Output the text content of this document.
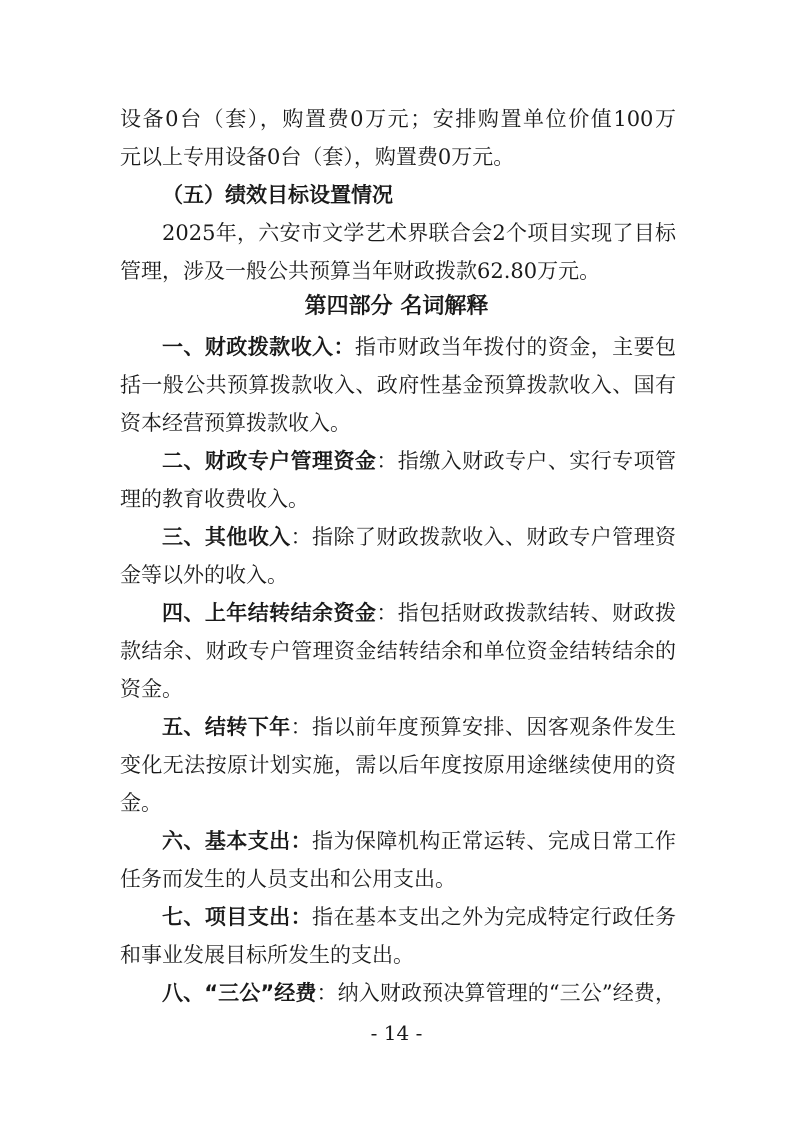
设备0台（套），购置费0万元；安排购置单位价值100万
元以上专用设备0台（套），购置费0万元。
（五）绩效目标设置情况
2025年，六安市文学艺术界联合会2个项目实现了目标
管理，涉及一般公共预算当年财政拨款62.80万元。
第四部分 名词解释
一、财政拨款收入：指市财政当年拨付的资金，主要包
括一般公共预算拨款收入、政府性基金预算拨款收入、国有
资本经营预算拨款收入。
二、财政专户管理资金：指缴入财政专户、实行专项管
理的教育收费收入。
三、其他收入：指除了财政拨款收入、财政专户管理资
金等以外的收入。
四、上年结转结余资金：指包括财政拨款结转、财政拨
款结余、财政专户管理资金结转结余和单位资金结转结余的
资金。
五、结转下年：指以前年度预算安排、因客观条件发生
变化无法按原计划实施，需以后年度按原用途继续使用的资
金。
六、基本支出：指为保障机构正常运转、完成日常工作
任务而发生的人员支出和公用支出。
七、项目支出：指在基本支出之外为完成特定行政任务
和事业发展目标所发生的支出。
八、“三公”经费：纳入财政预决算管理的“三公”经费，
- 14 -
